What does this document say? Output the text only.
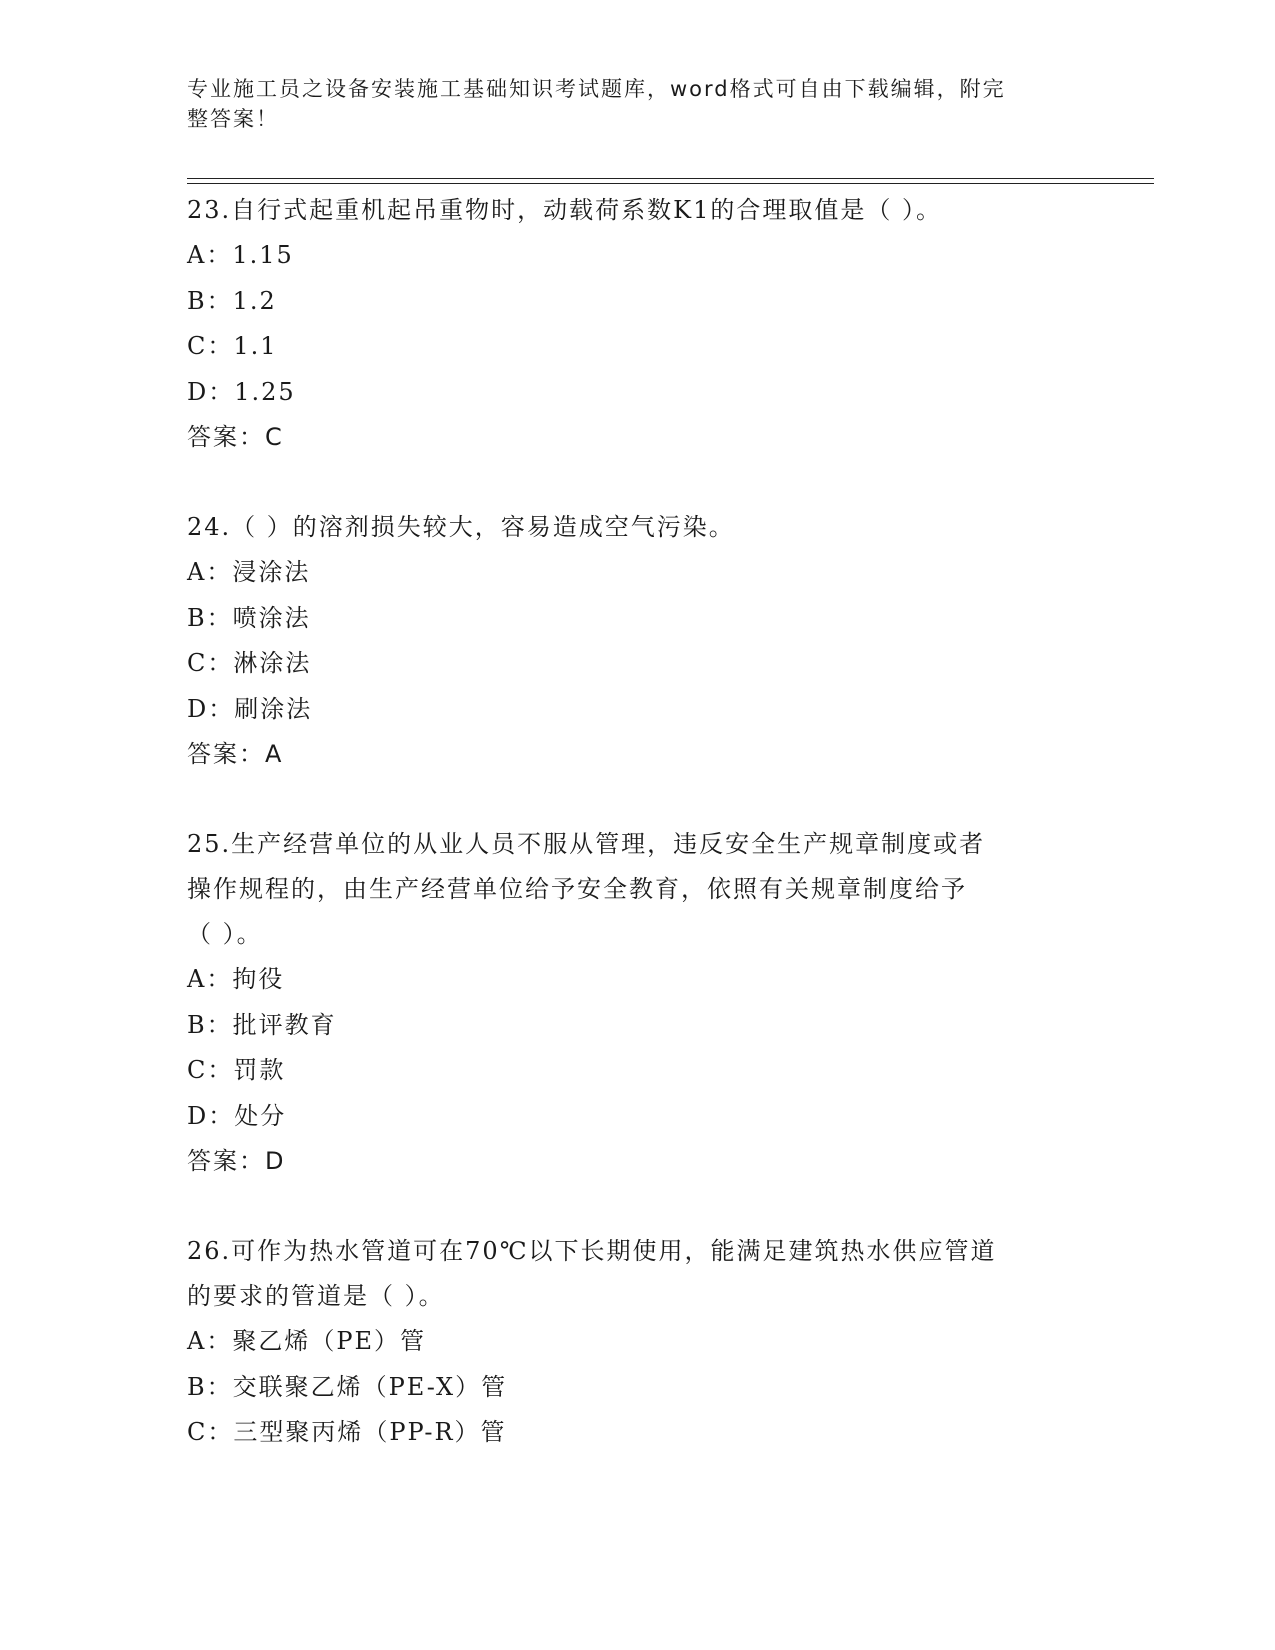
专业施工员之设备安装施工基础知识考试题库，word格式可自由下载编辑，附完
整答案！
23.自行式起重机起吊重物时，动载荷系数K1的合理取值是（ ）。
A：1.15
B：1.2
C：1.1
D：1.25
答案：C
24.（ ）的溶剂损失较大，容易造成空气污染。
A：浸涂法
B：喷涂法
C：淋涂法
D：刷涂法
答案：A
25.生产经营单位的从业人员不服从管理，违反安全生产规章制度或者
操作规程的，由生产经营单位给予安全教育，依照有关规章制度给予
（ ）。
A：拘役
B：批评教育
C：罚款
D：处分
答案：D
26.可作为热水管道可在70℃以下长期使用，能满足建筑热水供应管道
的要求的管道是（ ）。
A：聚乙烯（PE）管
B：交联聚乙烯（PE-X）管
C：三型聚丙烯（PP-R）管
